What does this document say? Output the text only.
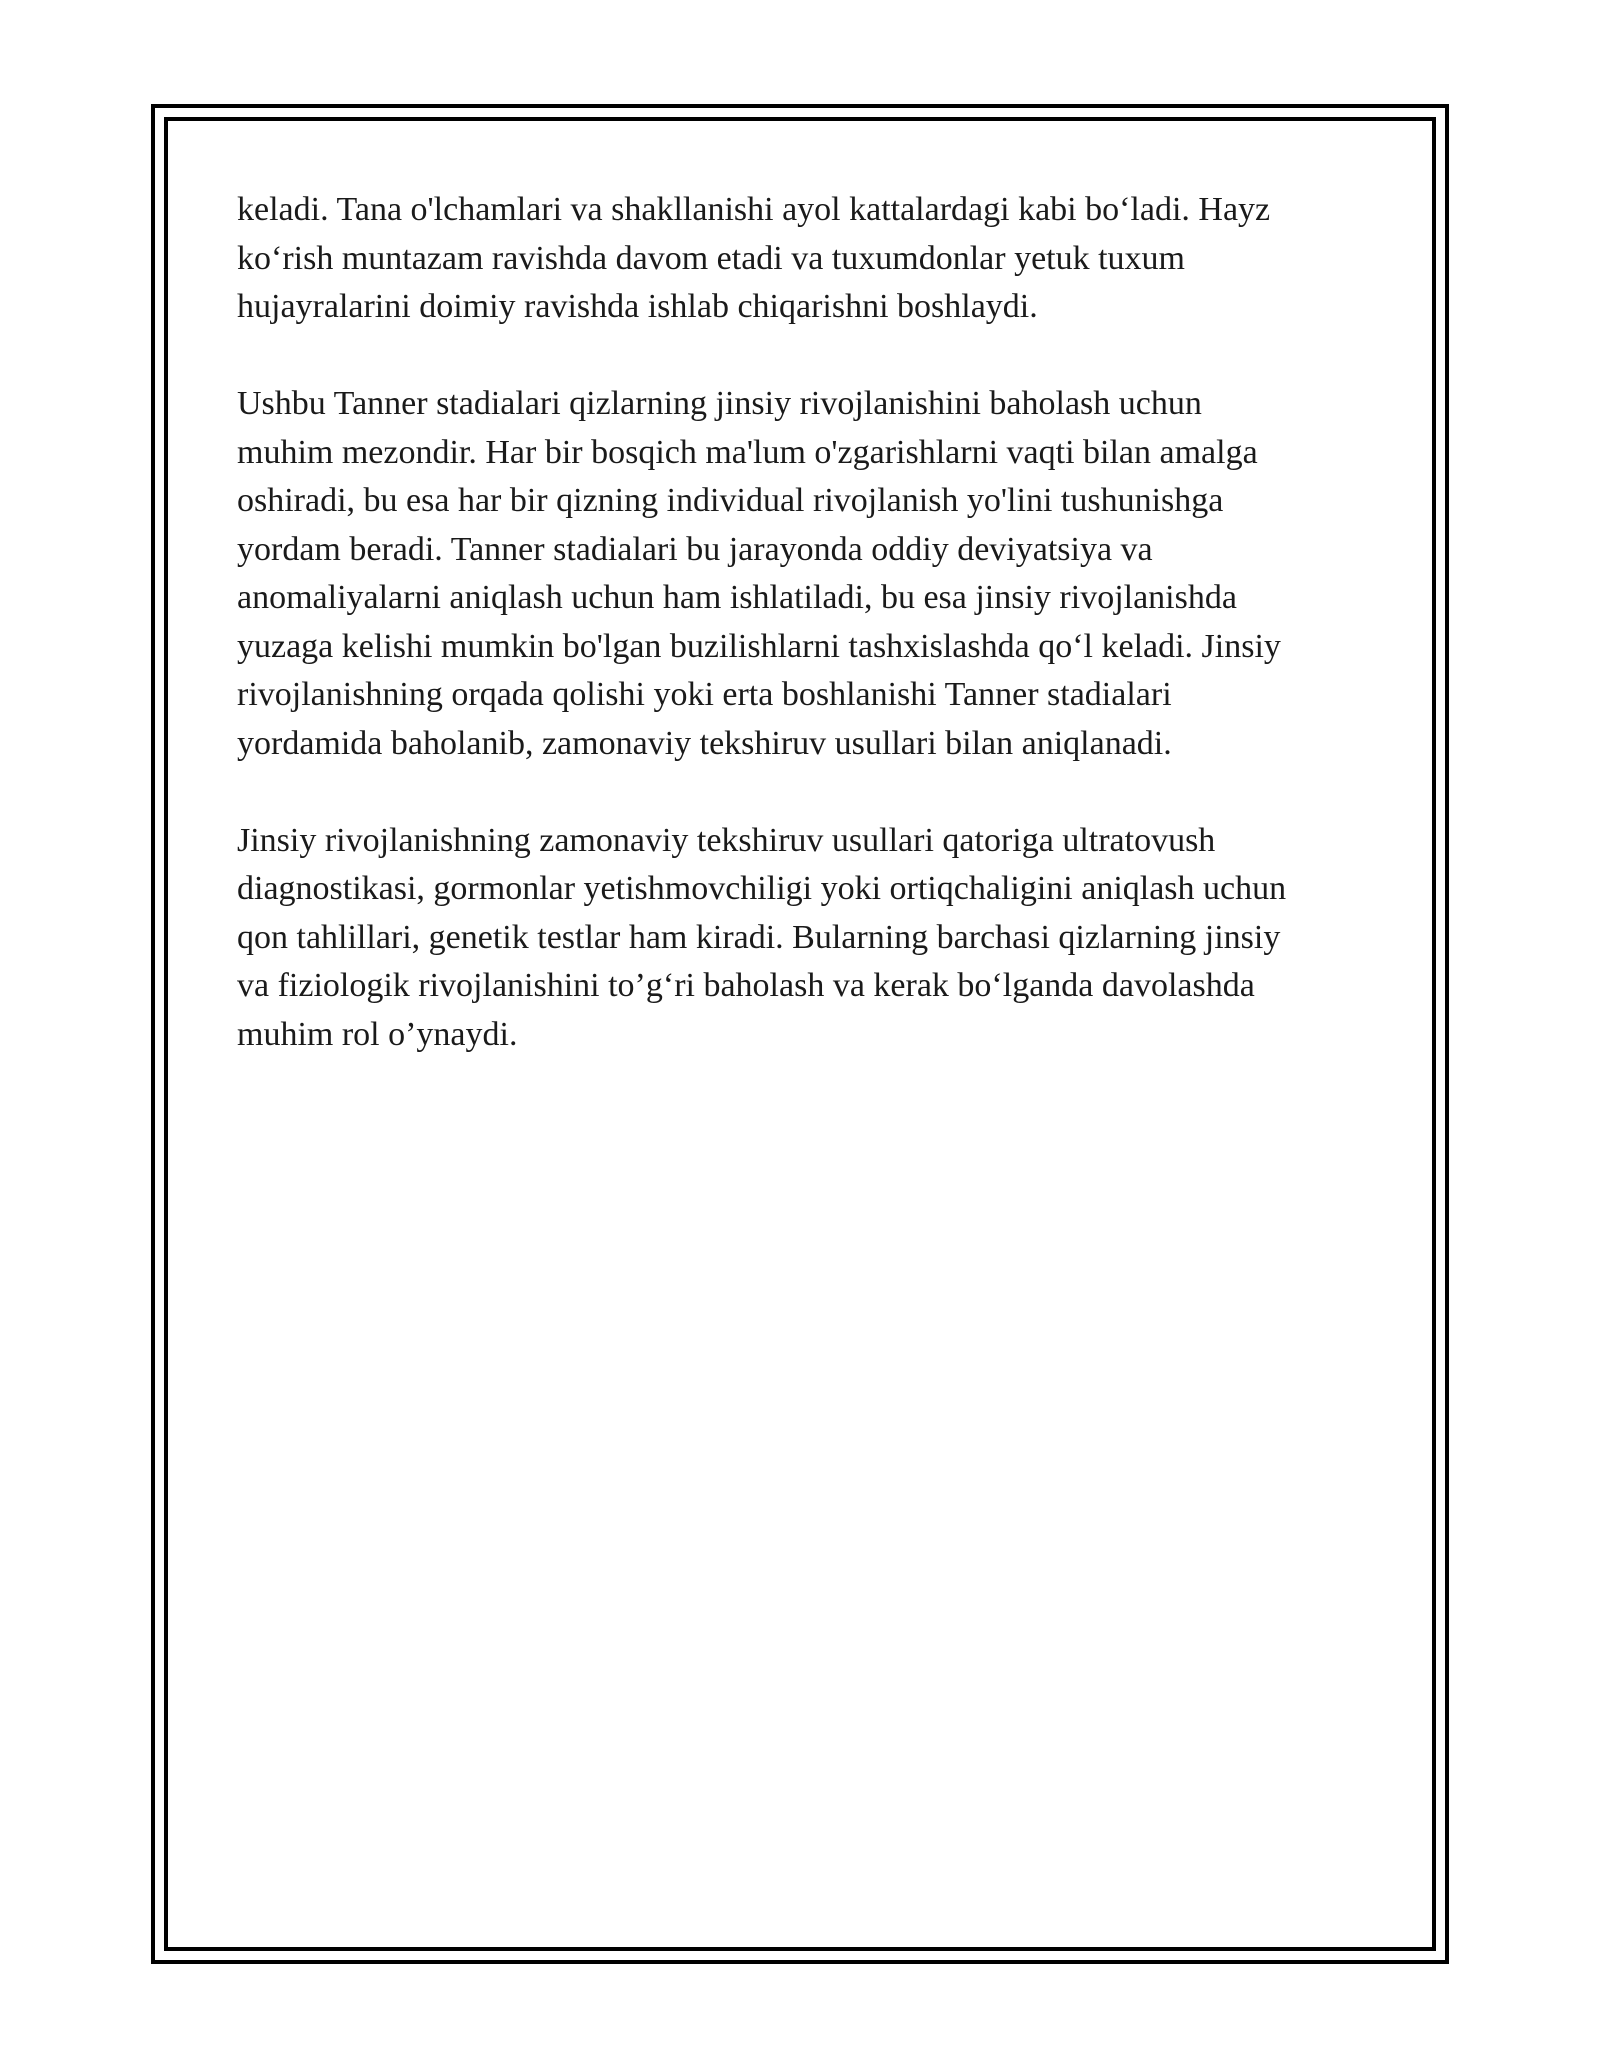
keladi. Tana o'lchamlari va shakllanishi ayol kattalardagi kabi bo‘ladi. Hayz
ko‘rish muntazam ravishda davom etadi va tuxumdonlar yetuk tuxum
hujayralarini doimiy ravishda ishlab chiqarishni boshlaydi.

Ushbu Tanner stadialari qizlarning jinsiy rivojlanishini baholash uchun
muhim mezondir. Har bir bosqich ma'lum o'zgarishlarni vaqti bilan amalga
oshiradi, bu esa har bir qizning individual rivojlanish yo'lini tushunishga
yordam beradi. Tanner stadialari bu jarayonda oddiy deviyatsiya va
anomaliyalarni aniqlash uchun ham ishlatiladi, bu esa jinsiy rivojlanishda
yuzaga kelishi mumkin bo'lgan buzilishlarni tashxislashda qo‘l keladi. Jinsiy
rivojlanishning orqada qolishi yoki erta boshlanishi Tanner stadialari
yordamida baholanib, zamonaviy tekshiruv usullari bilan aniqlanadi.

Jinsiy rivojlanishning zamonaviy tekshiruv usullari qatoriga ultratovush
diagnostikasi, gormonlar yetishmovchiligi yoki ortiqchaligini aniqlash uchun
qon tahlillari, genetik testlar ham kiradi. Bularning barchasi qizlarning jinsiy
va fiziologik rivojlanishini to’g‘ri baholash va kerak bo‘lganda davolashda
muhim rol o’ynaydi.
